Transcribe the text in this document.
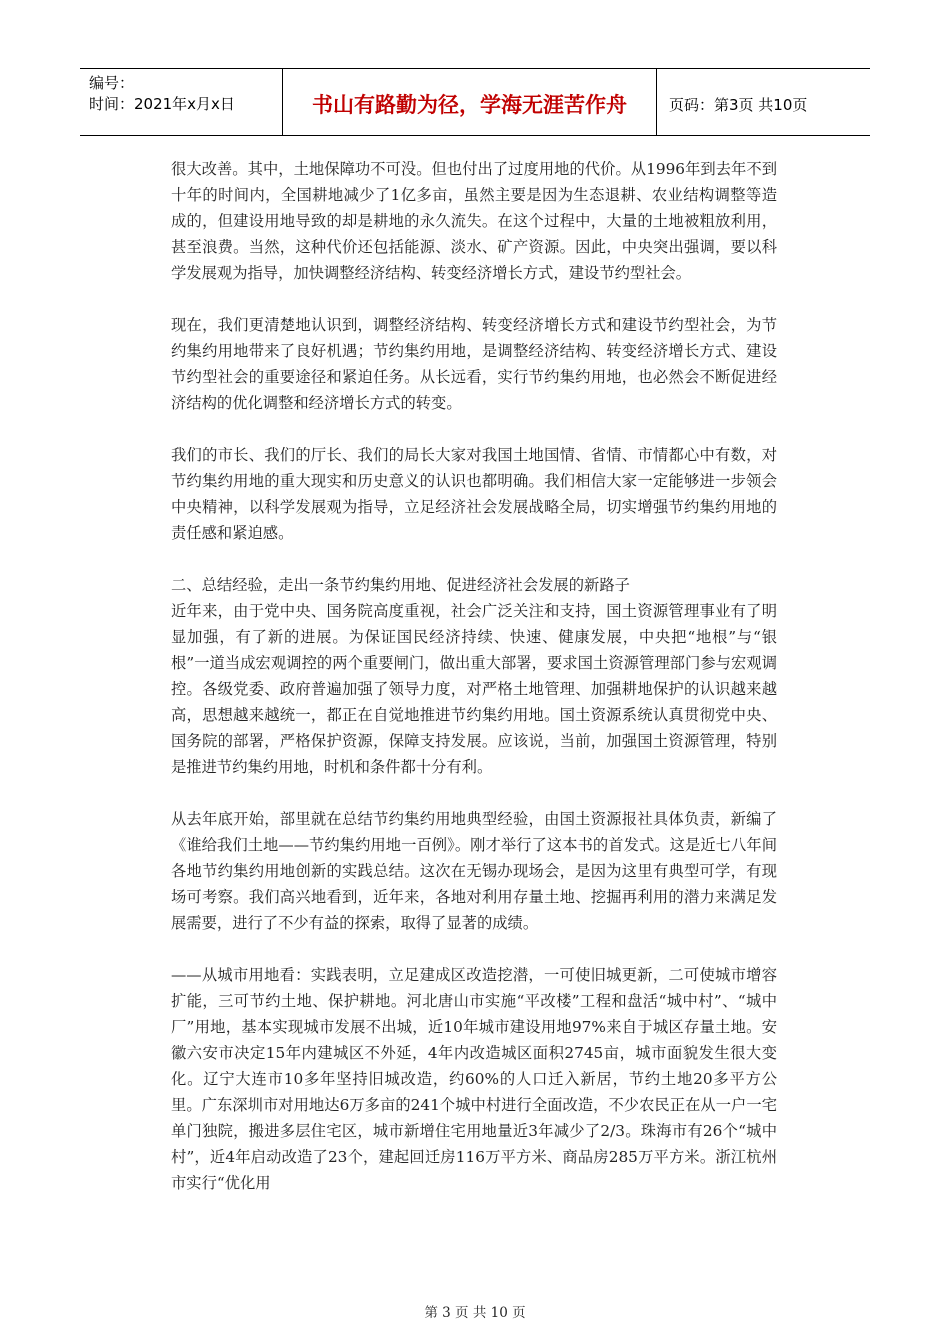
编号：
时间：2021年x月x日	书山有路勤为径，学海无涯苦作舟	页码：第3页 共10页

很大改善。其中，土地保障功不可没。但也付出了过度用地的代价。从1996年到去年不到十年的时间内，全国耕地减少了1亿多亩，虽然主要是因为生态退耕、农业结构调整等造成的，但建设用地导致的却是耕地的永久流失。在这个过程中，大量的土地被粗放利用，甚至浪费。当然，这种代价还包括能源、淡水、矿产资源。因此，中央突出强调，要以科学发展观为指导，加快调整经济结构、转变经济增长方式，建设节约型社会。

现在，我们更清楚地认识到，调整经济结构、转变经济增长方式和建设节约型社会，为节约集约用地带来了良好机遇；节约集约用地，是调整经济结构、转变经济增长方式、建设节约型社会的重要途径和紧迫任务。从长远看，实行节约集约用地，也必然会不断促进经济结构的优化调整和经济增长方式的转变。

我们的市长、我们的厅长、我们的局长大家对我国土地国情、省情、市情都心中有数，对节约集约用地的重大现实和历史意义的认识也都明确。我们相信大家一定能够进一步领会中央精神，以科学发展观为指导，立足经济社会发展战略全局，切实增强节约集约用地的责任感和紧迫感。

二、总结经验，走出一条节约集约用地、促进经济社会发展的新路子

近年来，由于党中央、国务院高度重视，社会广泛关注和支持，国土资源管理事业有了明显加强，有了新的进展。为保证国民经济持续、快速、健康发展，中央把“地根”与“银根”一道当成宏观调控的两个重要闸门，做出重大部署，要求国土资源管理部门参与宏观调控。各级党委、政府普遍加强了领导力度，对严格土地管理、加强耕地保护的认识越来越高，思想越来越统一，都正在自觉地推进节约集约用地。国土资源系统认真贯彻党中央、国务院的部署，严格保护资源，保障支持发展。应该说，当前，加强国土资源管理，特别是推进节约集约用地，时机和条件都十分有利。

从去年底开始，部里就在总结节约集约用地典型经验，由国土资源报社具体负责，新编了《谁给我们土地——节约集约用地一百例》。刚才举行了这本书的首发式。这是近七八年间各地节约集约用地创新的实践总结。这次在无锡办现场会，是因为这里有典型可学，有现场可考察。我们高兴地看到，近年来，各地对利用存量土地、挖掘再利用的潜力来满足发展需要，进行了不少有益的探索，取得了显著的成绩。

——从城市用地看：实践表明，立足建成区改造挖潜，一可使旧城更新，二可使城市增容扩能，三可节约土地、保护耕地。河北唐山市实施“平改楼”工程和盘活“城中村”、“城中厂”用地，基本实现城市发展不出城，近10年城市建设用地97%来自于城区存量土地。安徽六安市决定15年内建城区不外延，4年内改造城区面积2745亩，城市面貌发生很大变化。辽宁大连市10多年坚持旧城改造，约60%的人口迁入新居，节约土地20多平方公里。广东深圳市对用地达6万多亩的241个城中村进行全面改造，不少农民正在从一户一宅单门独院，搬进多层住宅区，城市新增住宅用地量近3年减少了2/3。珠海市有26个“城中村”，近4年启动改造了23个，建起回迁房116万平方米、商品房285万平方米。浙江杭州市实行“优化用

第 3 页 共 10 页
